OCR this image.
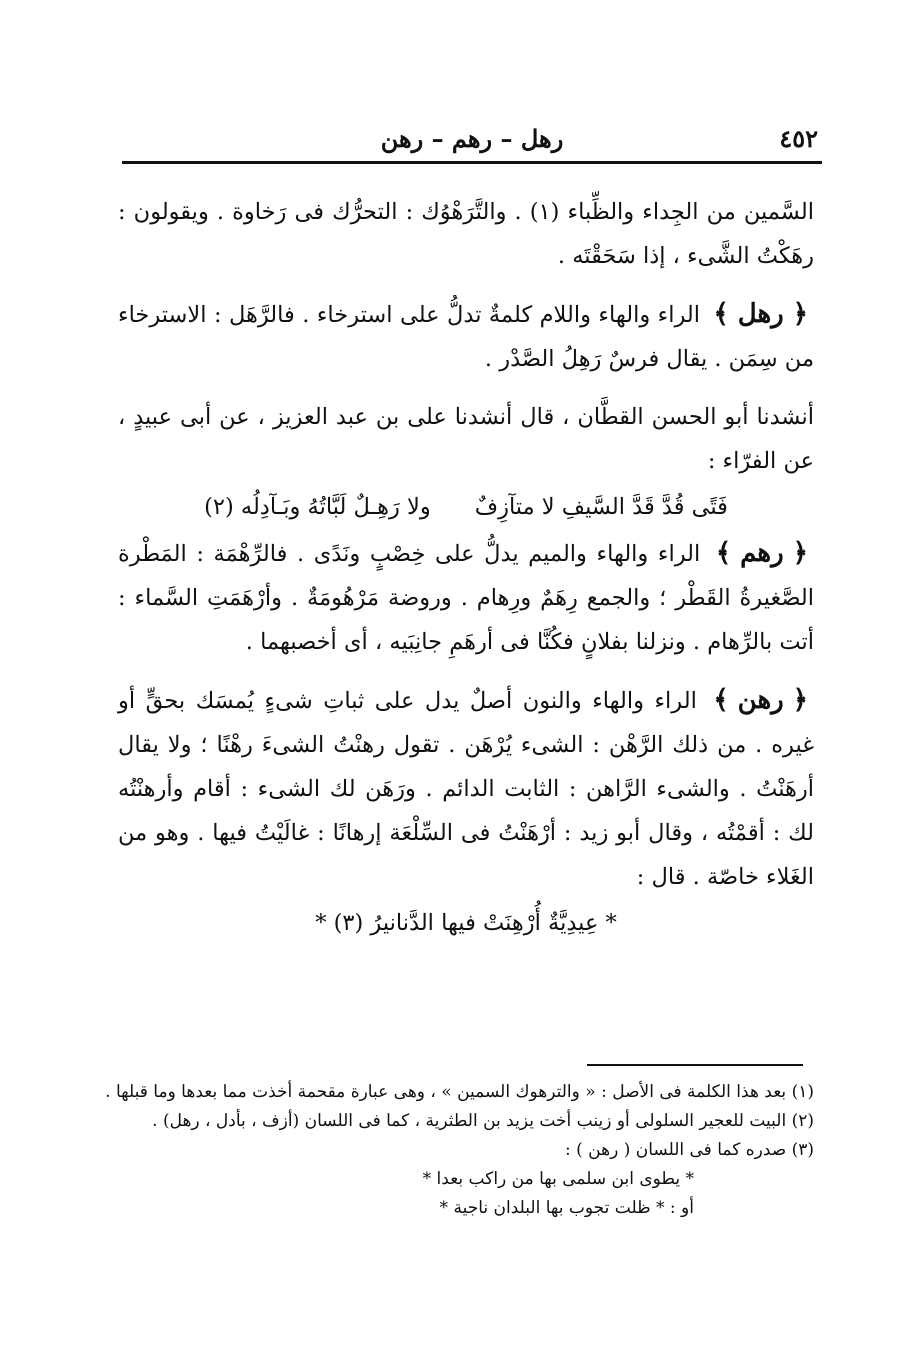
٤٥٢
رهل – رهم – رهن

السَّمين من الجِداء والظِّباء (١) . والتَّرَهْوُك : التحرُّك فى رَخاوة . ويقولون : رهَكْتُ الشَّىء ، إذا سَحَقْتَه .

﴿ رهل ﴾ الراء والهاء واللام كلمةٌ تدلُّ على استرخاء . فالرَّهَل : الاسترخاء من سِمَن . يقال فرسٌ رَهِلُ الصَّدْر .

أنشدنا أبو الحسن القطَّان ، قال أنشدنا على بن عبد العزيز ، عن أبى عبيدٍ ، عن الفرّاء :

فَتًى قُدَّ قَدَّ السَّيفِ لا متآزِفٌولا رَهِـلٌ لَبَّاتُهُ وبَـآدِلُه (٢)

﴿ رهم ﴾ الراء والهاء والميم يدلُّ على خِصْبٍ ونَدًى . فالرِّهْمَة : المَطْرة الصَّغيرةُ القَطْر ؛ والجمع رِهَمٌ ورِهام . وروضة مَرْهُومَةٌ . وأرْهَمَتِ السَّماء : أتت بالرِّهام . ونزلنا بفلانٍ فكُنَّا فى أرهَمِ جانِبَيه ، أى أخصبهما .

﴿ رهن ﴾ الراء والهاء والنون أصلٌ يدل على ثباتِ شىءٍ يُمسَك بحقٍّ أو غيره . من ذلك الرَّهْن : الشىء يُرْهَن . تقول رهنْتُ الشىءَ رهْنًا ؛ ولا يقال أرهَنْتُ . والشىء الرَّاهن : الثابت الدائم . ورَهَن لك الشىء : أقام وأرهنْتُه لك : أقمْتُه ، وقال أبو زيد : أرْهَنْتُ فى السِّلْعَة إرهانًا : غالَيْتُ فيها . وهو من الغَلاء خاصّة . قال :

* عِيدِيَّةٌ أُرْهِنَتْ فيها الدَّنانيرُ (٣) *

(١) بعد هذا الكلمة فى الأصل : « والترهوك السمين » ، وهى عبارة مقحمة أخذت مما بعدها وما قبلها .

(٢) البيت للعجير السلولى أو زينب أخت يزيد بن الطثرية ، كما فى اللسان (أزف ، بأدل ، رهل) .

(٣) صدره كما فى اللسان ( رهن ) :

* يطوى ابن سلمى بها من راكب بعدا *

أو : * ظلت تجوب بها البلدان ناجية *
